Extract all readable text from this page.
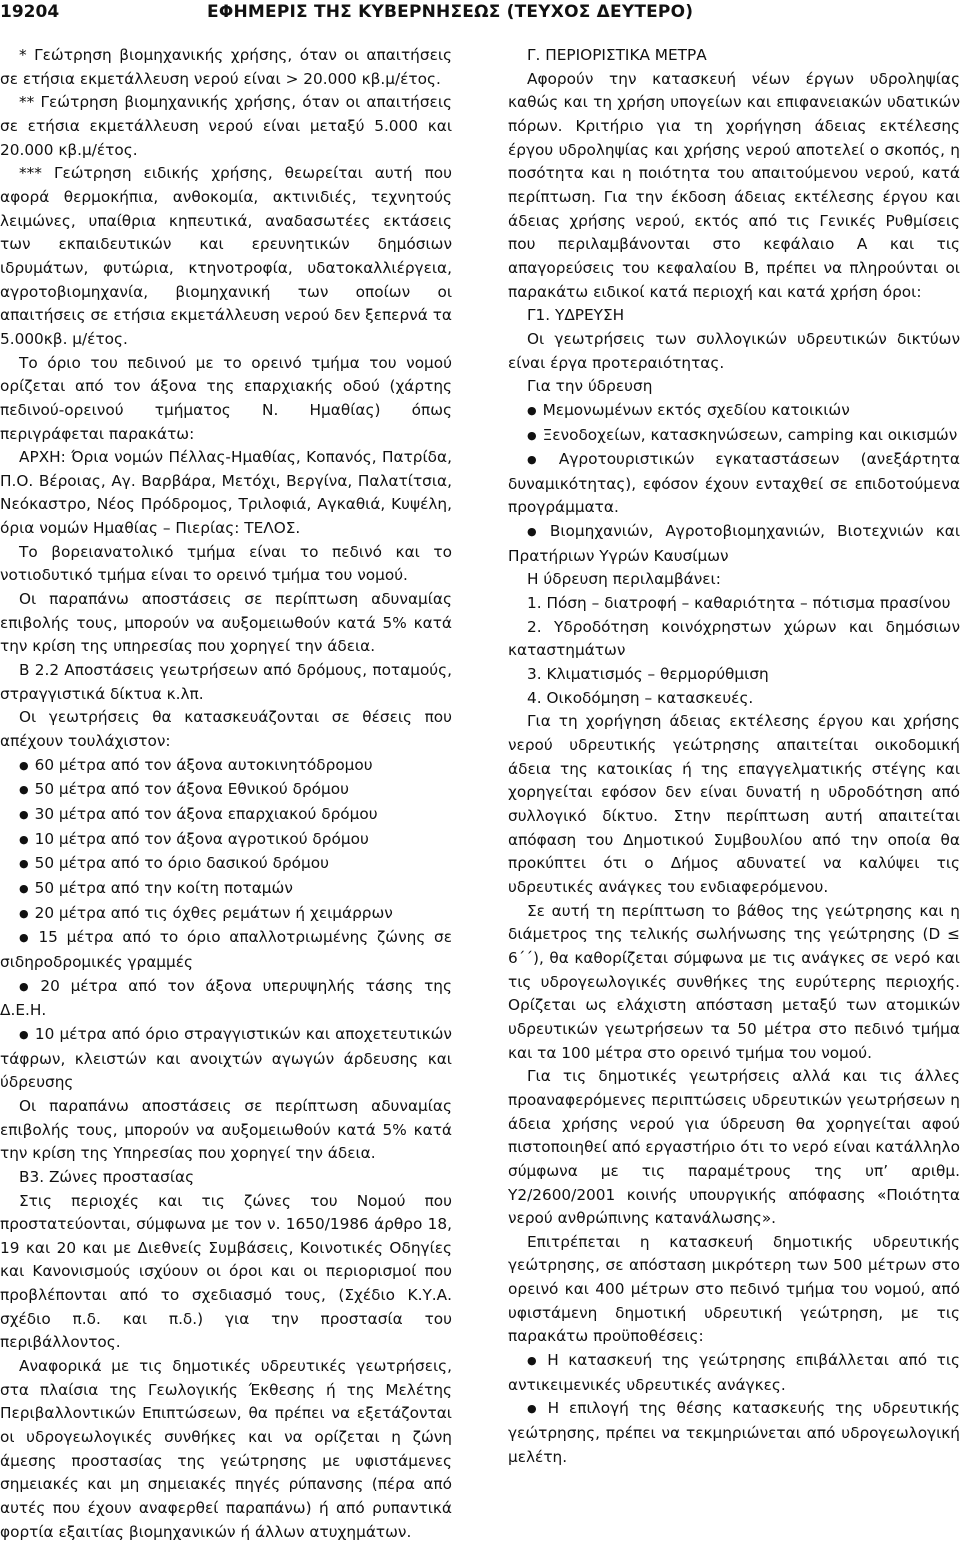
19204	ΕΦΗΜΕΡΙΣ ΤΗΣ ΚΥΒΕΡΝΗΣΕΩΣ (ΤΕΥΧΟΣ ΔΕΥΤΕΡΟ)

* Γεώτρηση βιομηχανικής χρήσης, όταν οι απαιτήσεις σε ετήσια εκμετάλλευση νερού είναι > 20.000 κβ.μ/έτος.

** Γεώτρηση βιομηχανικής χρήσης, όταν οι απαιτήσεις σε ετήσια εκμετάλλευση νερού είναι μεταξύ 5.000 και 20.000 κβ.μ/έτος.

*** Γεώτρηση ειδικής χρήσης, θεωρείται αυτή που αφορά θερμοκήπια, ανθοκομία, ακτινιδιές, τεχνητούς λειμώνες, υπαίθρια κηπευτικά, αναδασωτέες εκτάσεις των εκπαιδευτικών και ερευνητικών δημόσιων ιδρυμάτων, φυτώρια, κτηνοτροφία, υδατοκαλλιέργεια, αγροτοβιομηχανία, βιομηχανική των οποίων οι απαιτήσεις σε ετήσια εκμετάλλευση νερού δεν ξεπερνά τα 5.000κβ. μ/έτος.

Το όριο του πεδινού με το ορεινό τμήμα του νομού ορίζεται από τον άξονα της επαρχιακής οδού (χάρτης πεδινού-ορεινού τμήματος Ν. Ημαθίας) όπως περιγράφεται παρακάτω:

ΑΡΧΗ: Όρια νομών Πέλλας-Ημαθίας, Κοπανός, Πατρίδα, Π.Ο. Βέροιας, Αγ. Βαρβάρα, Μετόχι, Βεργίνα, Παλατίτσια, Νεόκαστρο, Νέος Πρόδρομος, Τριλοφιά, Αγκαθιά, Κυψέλη, όρια νομών Ημαθίας – Πιερίας: ΤΕΛΟΣ.

Το βορειανατολικό τμήμα είναι το πεδινό και το νοτιοδυτικό τμήμα είναι το ορεινό τμήμα του νομού.

Οι παραπάνω αποστάσεις σε περίπτωση αδυναμίας επιβολής τους, μπορούν να αυξομειωθούν κατά 5% κατά την κρίση της υπηρεσίας που χορηγεί την άδεια.

Β 2.2 Αποστάσεις γεωτρήσεων από δρόμους, ποταμούς, στραγγιστικά δίκτυα κ.λπ.

Οι γεωτρήσεις θα κατασκευάζονται σε θέσεις που απέχουν τουλάχιστον:

● 60 μέτρα από τον άξονα αυτοκινητόδρομου

● 50 μέτρα από τον άξονα Εθνικού δρόμου

● 30 μέτρα από τον άξονα επαρχιακού δρόμου

● 10 μέτρα από τον άξονα αγροτικού δρόμου

● 50 μέτρα από το όριο δασικού δρόμου

● 50 μέτρα από την κοίτη ποταμών

● 20 μέτρα από τις όχθες ρεμάτων ή χειμάρρων

● 15 μέτρα από το όριο απαλλοτριωμένης ζώνης σε σιδηροδρομικές γραμμές

● 20 μέτρα από τον άξονα υπερυψηλής τάσης της Δ.Ε.Η.

● 10 μέτρα από όριο στραγγιστικών και αποχετευτικών τάφρων, κλειστών και ανοιχτών αγωγών άρδευσης και ύδρευσης

Οι παραπάνω αποστάσεις σε περίπτωση αδυναμίας επιβολής τους, μπορούν να αυξομειωθούν κατά 5% κατά την κρίση της Υπηρεσίας που χορηγεί την άδεια.

Β3. Ζώνες προστασίας

Στις περιοχές και τις ζώνες του Νομού που προστατεύονται, σύμφωνα με τον ν. 1650/1986 άρθρο 18, 19 και 20 και με Διεθνείς Συμβάσεις, Κοινοτικές Οδηγίες και Κανονισμούς ισχύουν οι όροι και οι περιορισμοί που προβλέπονται από το σχεδιασμό τους, (Σχέδιο Κ.Υ.Α. σχέδιο π.δ. και π.δ.) για την προστασία του περιβάλλοντος.

Αναφορικά με τις δημοτικές υδρευτικές γεωτρήσεις, στα πλαίσια της Γεωλογικής Έκθεσης ή της Μελέτης Περιβαλλοντικών Επιπτώσεων, θα πρέπει να εξετάζονται οι υδρογεωλογικές συνθήκες και να ορίζεται η ζώνη άμεσης προστασίας της γεώτρησης με υφιστάμενες σημειακές και μη σημειακές πηγές ρύπανσης (πέρα από αυτές που έχουν αναφερθεί παραπάνω) ή από ρυπαντικά φορτία εξαιτίας βιομηχανικών ή άλλων ατυχημάτων.

Γ. ΠΕΡΙΟΡΙΣΤΙΚΑ ΜΕΤΡΑ

Αφορούν την κατασκευή νέων έργων υδροληψίας καθώς και τη χρήση υπογείων και επιφανειακών υδατικών πόρων. Κριτήριο για τη χορήγηση άδειας εκτέλεσης έργου υδροληψίας και χρήσης νερού αποτελεί ο σκοπός, η ποσότητα και η ποιότητα του απαιτούμενου νερού, κατά περίπτωση. Για την έκδοση άδειας εκτέλεσης έργου και άδειας χρήσης νερού, εκτός από τις Γενικές Ρυθμίσεις που περιλαμβάνονται στο κεφάλαιο Α και τις απαγορεύσεις του κεφαλαίου Β, πρέπει να πληρούνται οι παρακάτω ειδικοί κατά περιοχή και κατά χρήση όροι:

Γ1. ΥΔΡΕΥΣΗ

Οι γεωτρήσεις των συλλογικών υδρευτικών δικτύων είναι έργα προτεραιότητας.

Για την ύδρευση

● Μεμονωμένων εκτός σχεδίου κατοικιών

● Ξενοδοχείων, κατασκηνώσεων, camping και οικισμών

● Αγροτουριστικών εγκαταστάσεων (ανεξάρτητα δυναμικότητας), εφόσον έχουν ενταχθεί σε επιδοτούμενα προγράμματα.

● Βιομηχανιών, Αγροτοβιομηχανιών, Βιοτεχνιών και Πρατήριων Υγρών Καυσίμων

Η ύδρευση περιλαμβάνει:

1. Πόση – διατροφή – καθαριότητα – πότισμα πρασίνου

2. Υδροδότηση κοινόχρηστων χώρων και δημόσιων καταστημάτων

3. Κλιματισμός – θερμορύθμιση

4. Οικοδόμηση – κατασκευές.

Για τη χορήγηση άδειας εκτέλεσης έργου και χρήσης νερού υδρευτικής γεώτρησης απαιτείται οικοδομική άδεια της κατοικίας ή της επαγγελματικής στέγης και χορηγείται εφόσον δεν είναι δυνατή η υδροδότηση από συλλογικό δίκτυο. Στην περίπτωση αυτή απαιτείται απόφαση του Δημοτικού Συμβουλίου από την οποία θα προκύπτει ότι ο Δήμος αδυνατεί να καλύψει τις υδρευτικές ανάγκες του ενδιαφερόμενου.

Σε αυτή τη περίπτωση το βάθος της γεώτρησης και η διάμετρος της τελικής σωλήνωσης της γεώτρησης (D ≤ 6΄΄), θα καθορίζεται σύμφωνα με τις ανάγκες σε νερό και τις υδρογεωλογικές συνθήκες της ευρύτερης περιοχής. Ορίζεται ως ελάχιστη απόσταση μεταξύ των ατομικών υδρευτικών γεωτρήσεων τα 50 μέτρα στο πεδινό τμήμα και τα 100 μέτρα στο ορεινό τμήμα του νομού.

Για τις δημοτικές γεωτρήσεις αλλά και τις άλλες προαναφερόμενες περιπτώσεις υδρευτικών γεωτρήσεων η άδεια χρήσης νερού για ύδρευση θα χορηγείται αφού πιστοποιηθεί από εργαστήριο ότι το νερό είναι κατάλληλο σύμφωνα με τις παραμέτρους της υπ’ αριθμ. Υ2/2600/2001 κοινής υπουργικής απόφασης «Ποιότητα νερού ανθρώπινης κατανάλωσης».

Επιτρέπεται η κατασκευή δημοτικής υδρευτικής γεώτρησης, σε απόσταση μικρότερη των 500 μέτρων στο ορεινό και 400 μέτρων στο πεδινό τμήμα του νομού, από υφιστάμενη δημοτική υδρευτική γεώτρηση, με τις παρακάτω προϋποθέσεις:

● Η κατασκευή της γεώτρησης επιβάλλεται από τις αντικειμενικές υδρευτικές ανάγκες.

● Η επιλογή της θέσης κατασκευής της υδρευτικής γεώτρησης, πρέπει να τεκμηριώνεται από υδρογεωλογική μελέτη.
